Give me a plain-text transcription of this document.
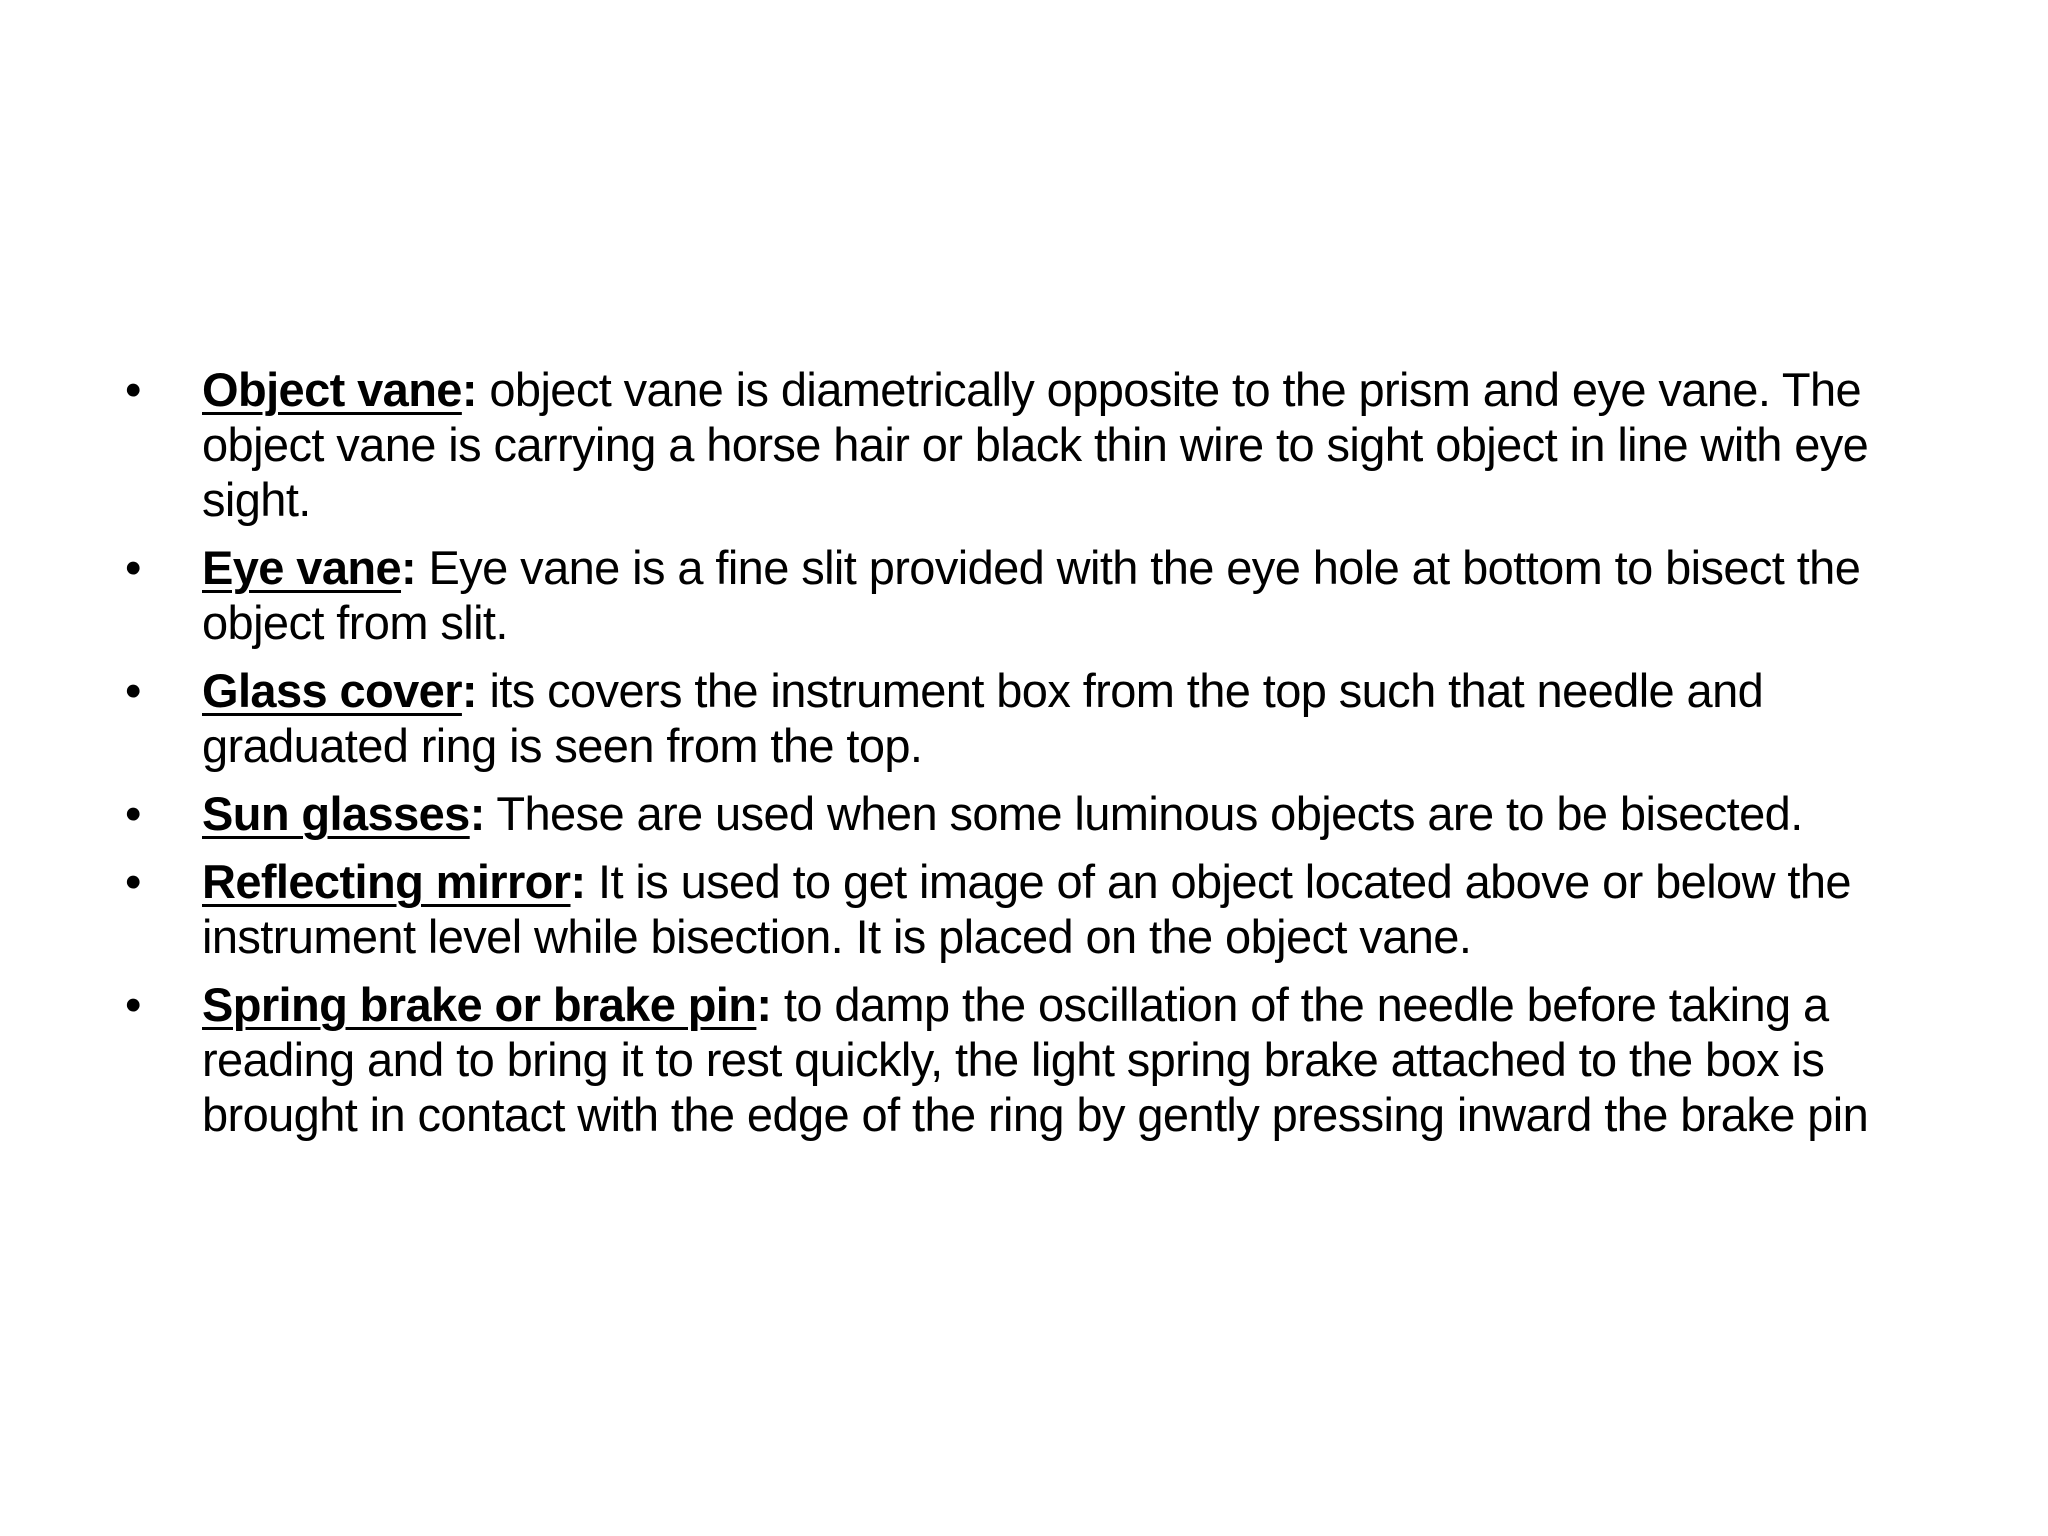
• Object vane: object vane is diametrically opposite to the prism and eye vane. The object vane is carrying a horse hair or black thin wire to sight object in line with eye sight.
• Eye vane: Eye vane is a fine slit provided with the eye hole at bottom to bisect the object from slit.
• Glass cover: its covers the instrument box from the top such that needle and graduated ring is seen from the top.
• Sun glasses: These are used when some luminous objects are to be bisected.
• Reflecting mirror: It is used to get image of an object located above or below the instrument level while bisection. It is placed on the object vane.
• Spring brake or brake pin: to damp the oscillation of the needle before taking a reading and to bring it to rest quickly, the light spring brake attached to the box is brought in contact with the edge of the ring by gently pressing inward the brake pin
